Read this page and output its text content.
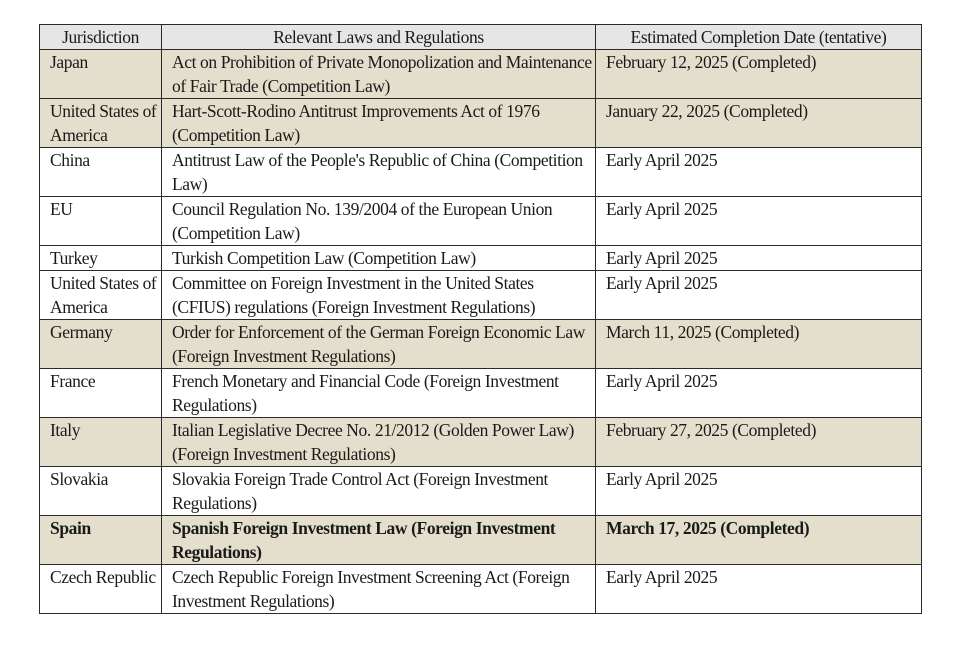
Jurisdiction	Relevant Laws and Regulations	Estimated Completion Date (tentative)
Japan	Act on Prohibition of Private Monopolization and Maintenance of Fair Trade (Competition Law)	February 12, 2025 (Completed)
United States of America	Hart-Scott-Rodino Antitrust Improvements Act of 1976 (Competition Law)	January 22, 2025 (Completed)
China	Antitrust Law of the People's Republic of China (Competition Law)	Early April 2025
EU	Council Regulation No. 139/2004 of the European Union (Competition Law)	Early April 2025
Turkey	Turkish Competition Law (Competition Law)	Early April 2025
United States of America	Committee on Foreign Investment in the United States (CFIUS) regulations (Foreign Investment Regulations)	Early April 2025
Germany	Order for Enforcement of the German Foreign Economic Law (Foreign Investment Regulations)	March 11, 2025 (Completed)
France	French Monetary and Financial Code (Foreign Investment Regulations)	Early April 2025
Italy	Italian Legislative Decree No. 21/2012 (Golden Power Law) (Foreign Investment Regulations)	February 27, 2025 (Completed)
Slovakia	Slovakia Foreign Trade Control Act (Foreign Investment Regulations)	Early April 2025
Spain	Spanish Foreign Investment Law (Foreign Investment Regulations)	March 17, 2025 (Completed)
Czech Republic	Czech Republic Foreign Investment Screening Act (Foreign Investment Regulations)	Early April 2025
